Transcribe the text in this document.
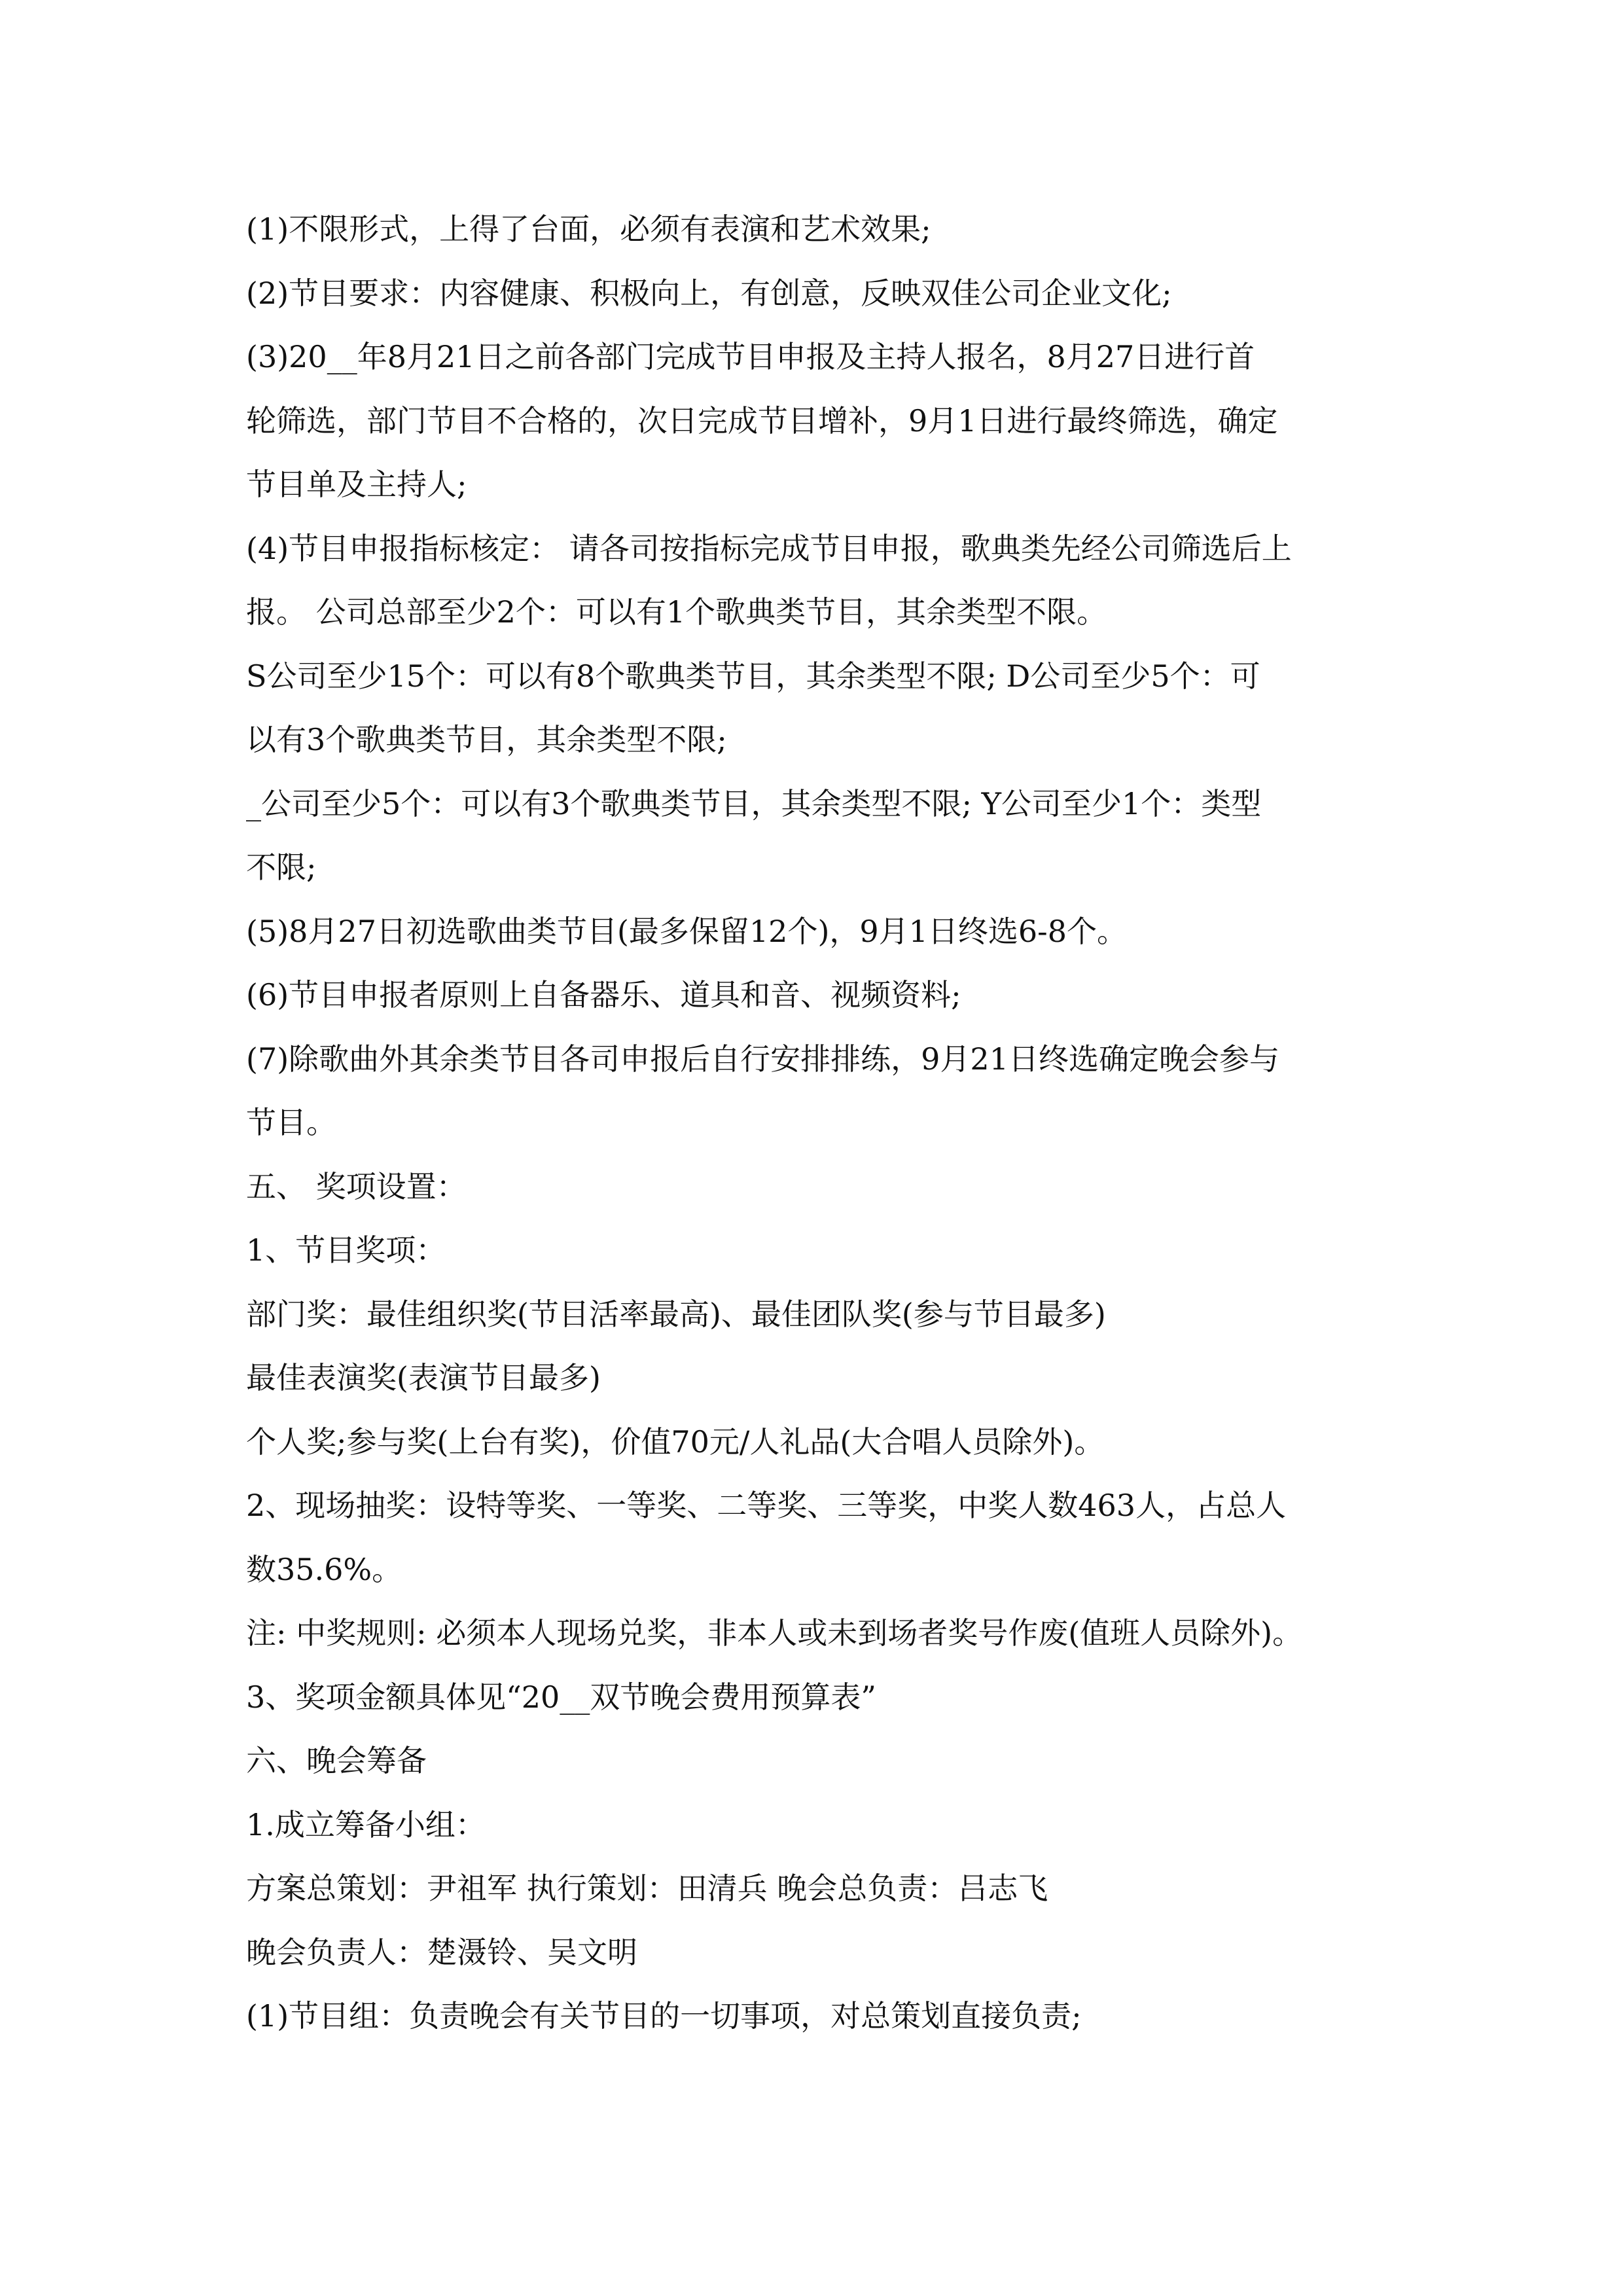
(1)不限形式，上得了台面，必须有表演和艺术效果;

(2)节目要求：内容健康、积极向上，有创意，反映双佳公司企业文化;

(3)20__年8月21日之前各部门完成节目申报及主持人报名，8月27日进行首

轮筛选，部门节目不合格的，次日完成节目增补，9月1日进行最终筛选，确定

节目单及主持人;

(4)节目申报指标核定： 请各司按指标完成节目申报，歌典类先经公司筛选后上

报。 公司总部至少2个：可以有1个歌典类节目，其余类型不限。

S公司至少15个：可以有8个歌典类节目，其余类型不限; D公司至少5个：可

以有3个歌典类节目，其余类型不限;

_公司至少5个：可以有3个歌典类节目，其余类型不限; Y公司至少1个：类型

不限;

(5)8月27日初选歌曲类节目(最多保留12个)，9月1日终选6-8个。

(6)节目申报者原则上自备器乐、道具和音、视频资料;

(7)除歌曲外其余类节目各司申报后自行安排排练，9月21日终选确定晚会参与

节目。

五、 奖项设置：

1、节目奖项：

部门奖：最佳组织奖(节目活率最高)、最佳团队奖(参与节目最多)

最佳表演奖(表演节目最多)

个人奖;参与奖(上台有奖)，价值70元/人礼品(大合唱人员除外)。

2、现场抽奖：设特等奖、一等奖、二等奖、三等奖，中奖人数463人，占总人

数35.6%。

注: 中奖规则: 必须本人现场兑奖，非本人或未到场者奖号作废(值班人员除外)。

3、奖项金额具体见“20__双节晚会费用预算表”

六、晚会筹备

1.成立筹备小组：

方案总策划：尹祖军 执行策划：田清兵 晚会总负责：吕志飞

晚会负责人：楚滠铃、吴文明

(1)节目组：负责晚会有关节目的一切事项，对总策划直接负责;
